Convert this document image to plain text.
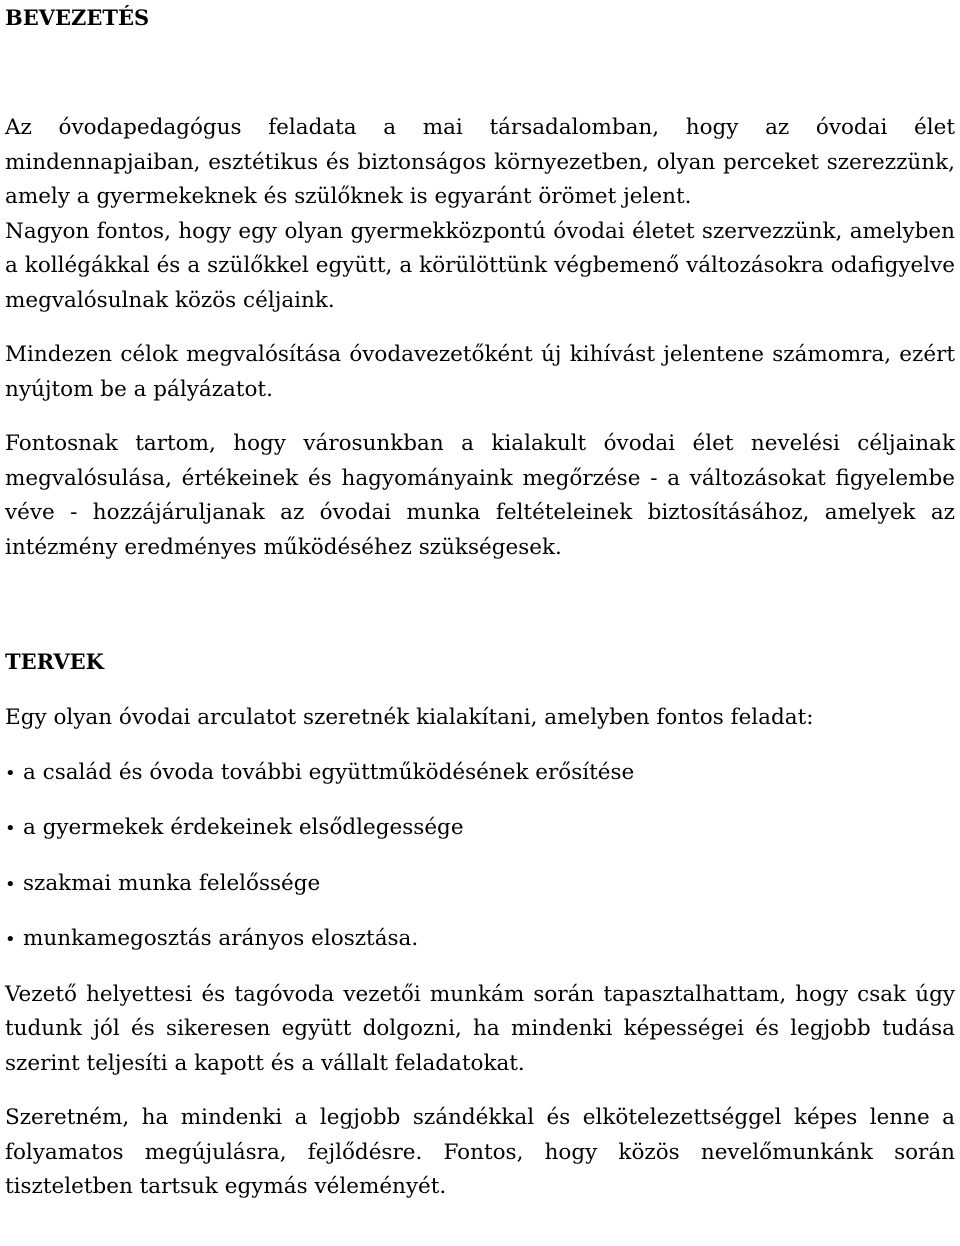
BEVEZETÉS

Az óvodapedagógus feladata a mai társadalomban, hogy az óvodai élet mindennapjaiban, esztétikus és biztonságos környezetben, olyan perceket szerezzünk, amely a gyermekeknek és szülőknek is egyaránt örömet jelent.

Nagyon fontos, hogy egy olyan gyermekközpontú óvodai életet szervezzünk, amelyben a kollégákkal és a szülőkkel együtt, a körülöttünk végbemenő változásokra odafigyelve megvalósulnak közös céljaink.

Mindezen célok megvalósítása óvodavezetőként új kihívást jelentene számomra, ezért nyújtom be a pályázatot.

Fontosnak tartom, hogy városunkban a kialakult óvodai élet nevelési céljainak megvalósulása, értékeinek és hagyományaink megőrzése - a változásokat figyelembe véve - hozzájáruljanak az óvodai munka feltételeinek biztosításához, amelyek az intézmény eredményes működéséhez szükségesek.

TERVEK

Egy olyan óvodai arculatot szeretnék kialakítani, amelyben fontos feladat:

• a család és óvoda további együttműködésének erősítése
• a gyermekek érdekeinek elsődlegessége
• szakmai munka felelőssége
• munkamegosztás arányos elosztása.

Vezető helyettesi és tagóvoda vezetői munkám során tapasztalhattam, hogy csak úgy tudunk jól és sikeresen együtt dolgozni, ha mindenki képességei és legjobb tudása szerint teljesíti a kapott és a vállalt feladatokat.

Szeretném, ha mindenki a legjobb szándékkal és elkötelezettséggel képes lenne a folyamatos megújulásra, fejlődésre. Fontos, hogy közös nevelőmunkánk során tiszteletben tartsuk egymás véleményét.
